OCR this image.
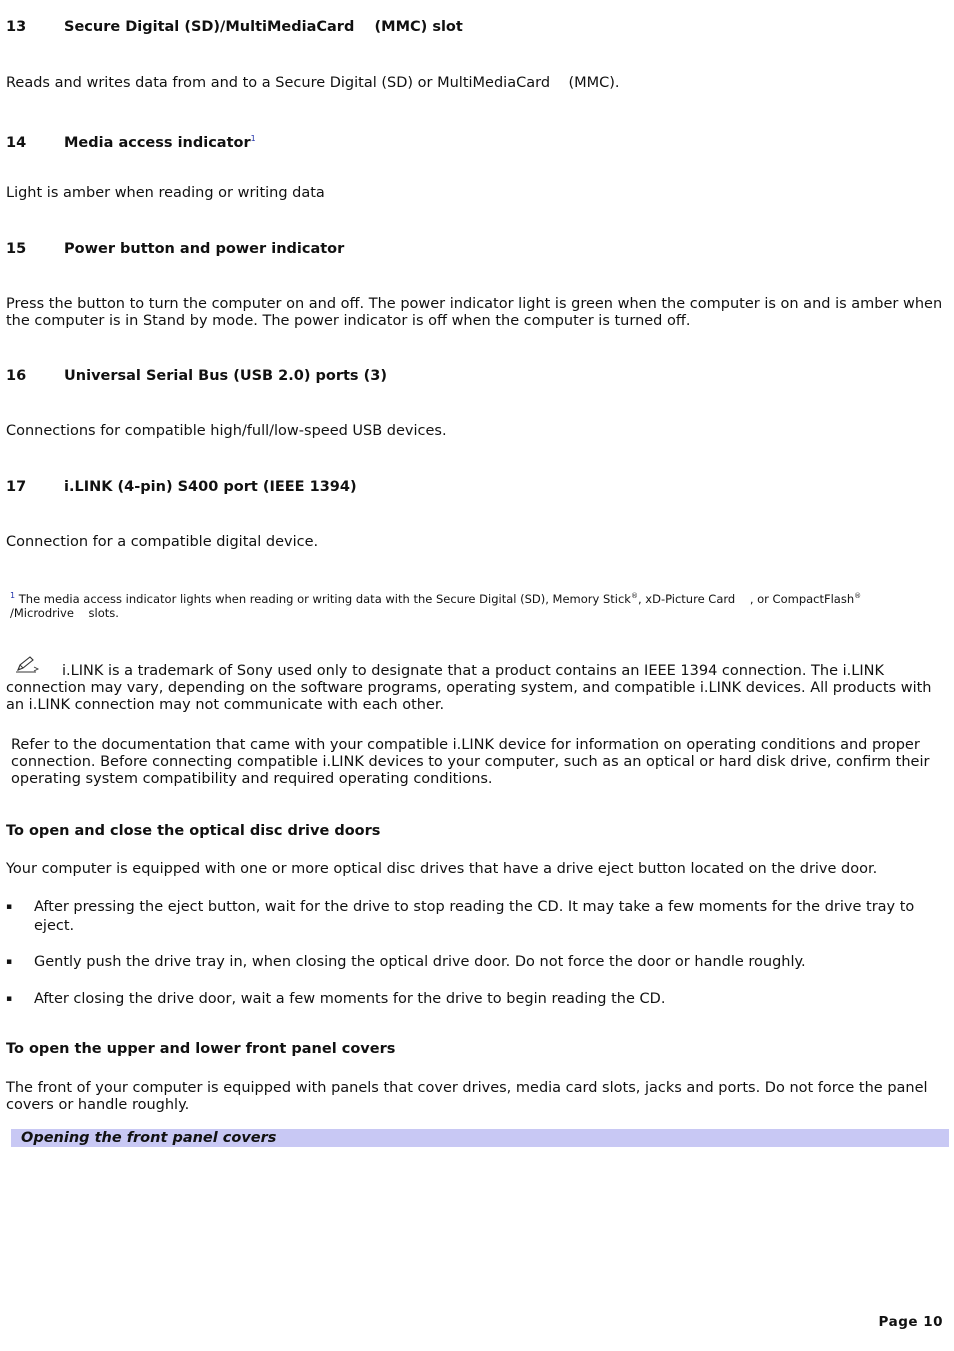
13	Secure Digital (SD)/MultiMediaCard    (MMC) slot
Reads and writes data from and to a Secure Digital (SD) or MultiMediaCard    (MMC).
14	Media access indicator$^1$
Light is amber when reading or writing data
15	Power button and power indicator
Press the button to turn the computer on and off. The power indicator light is green when the computer is on and is amber when the computer is in Stand by mode. The power indicator is off when the computer is turned off.
16	Universal Serial Bus (USB 2.0) ports (3)
Connections for compatible high/full/low-speed USB devices.
17	i.LINK (4-pin) S400 port (IEEE 1394)
Connection for a compatible digital device.
$^1$ The media access indicator lights when reading or writing data with the Secure Digital (SD), Memory Stick®, xD-Picture Card    , or CompactFlash®
/Microdrive    slots.
i.LINK is a trademark of Sony used only to designate that a product contains an IEEE 1394 connection. The i.LINK connection may vary, depending on the software programs, operating system, and compatible i.LINK devices. All products with an i.LINK connection may not communicate with each other.
Refer to the documentation that came with your compatible i.LINK device for information on operating conditions and proper connection. Before connecting compatible i.LINK devices to your computer, such as an optical or hard disk drive, confirm their operating system compatibility and required operating conditions.
To open and close the optical disc drive doors
Your computer is equipped with one or more optical disc drives that have a drive eject button located on the drive door.
▪ After pressing the eject button, wait for the drive to stop reading the CD. It may take a few moments for the drive tray to eject.
▪ Gently push the drive tray in, when closing the optical drive door. Do not force the door or handle roughly.
▪ After closing the drive door, wait a few moments for the drive to begin reading the CD.
To open the upper and lower front panel covers
The front of your computer is equipped with panels that cover drives, media card slots, jacks and ports. Do not force the panel covers or handle roughly.
Opening the front panel covers
Page 10
